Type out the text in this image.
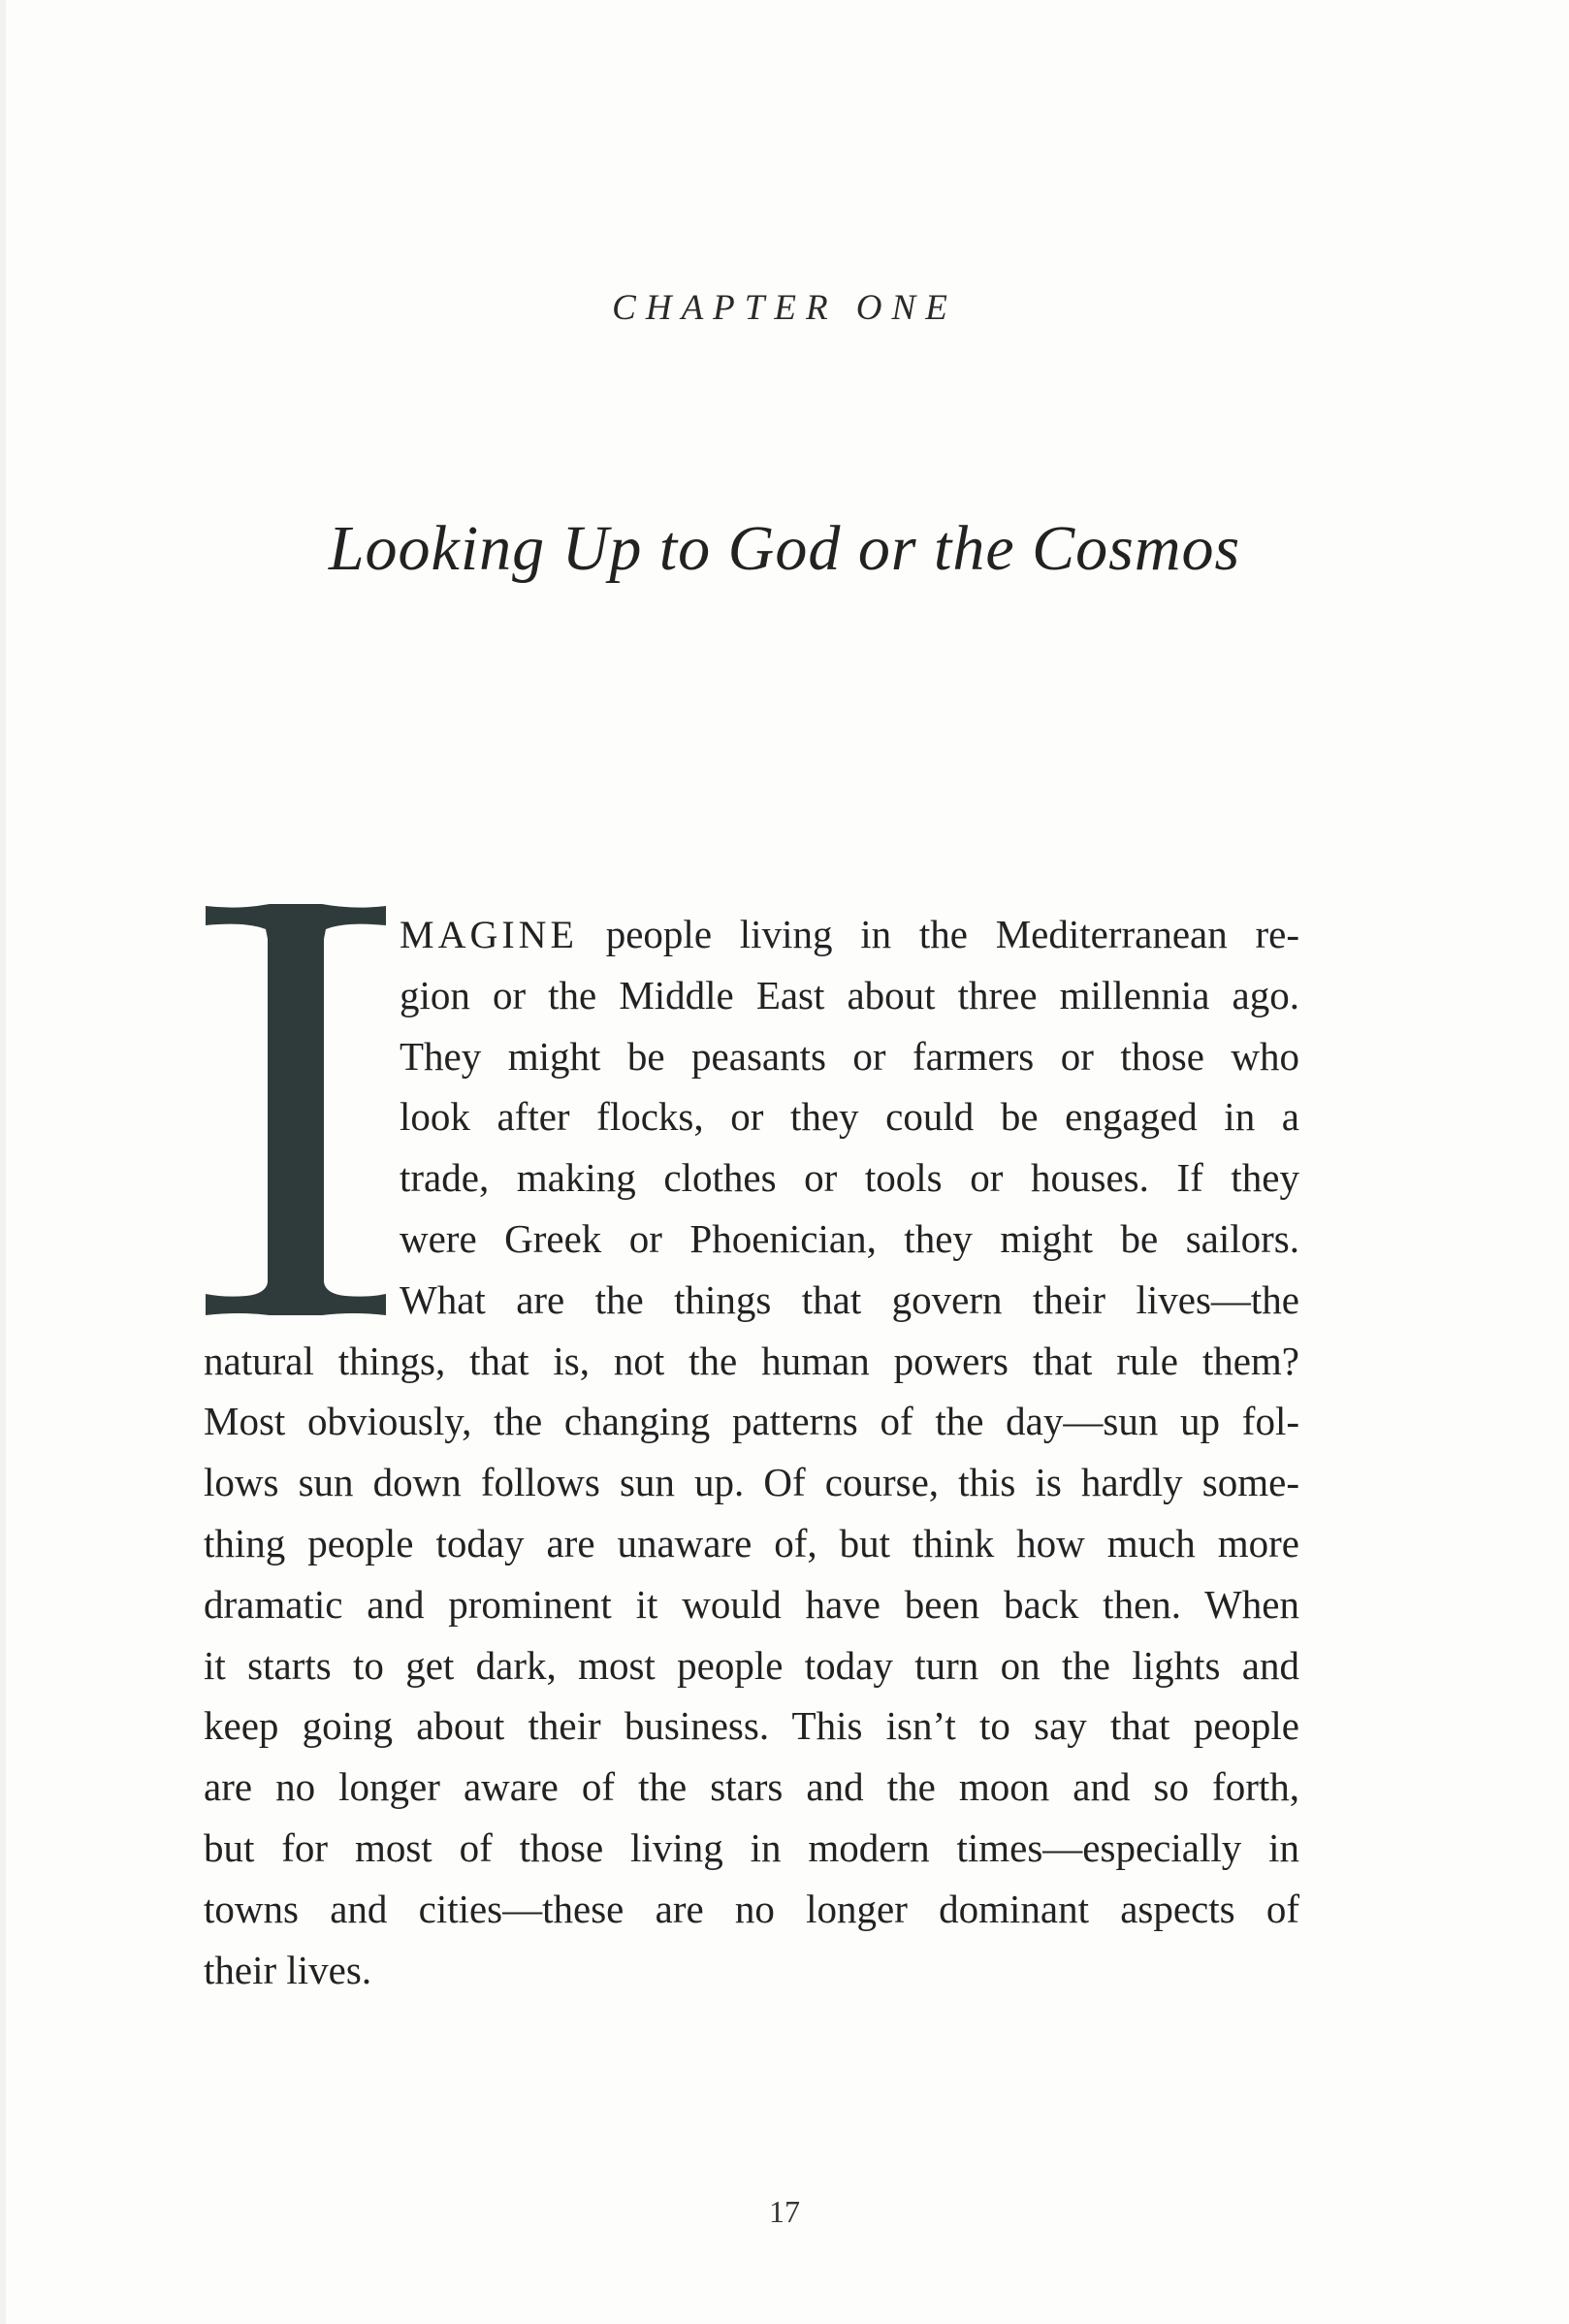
CHAPTER ONE
Looking Up to God or the Cosmos
MAGINE people living in the Mediterranean re-
gion or the Middle East about three millennia ago.
They might be peasants or farmers or those who
look after flocks, or they could be engaged in a
trade, making clothes or tools or houses. If they
were Greek or Phoenician, they might be sailors.
What are the things that govern their lives—the
natural things, that is, not the human powers that rule them?
Most obviously, the changing patterns of the day—sun up fol-
lows sun down follows sun up. Of course, this is hardly some-
thing people today are unaware of, but think how much more
dramatic and prominent it would have been back then. When
it starts to get dark, most people today turn on the lights and
keep going about their business. This isn’t to say that people
are no longer aware of the stars and the moon and so forth,
but for most of those living in modern times—especially in
towns and cities—these are no longer dominant aspects of
their lives.
17
